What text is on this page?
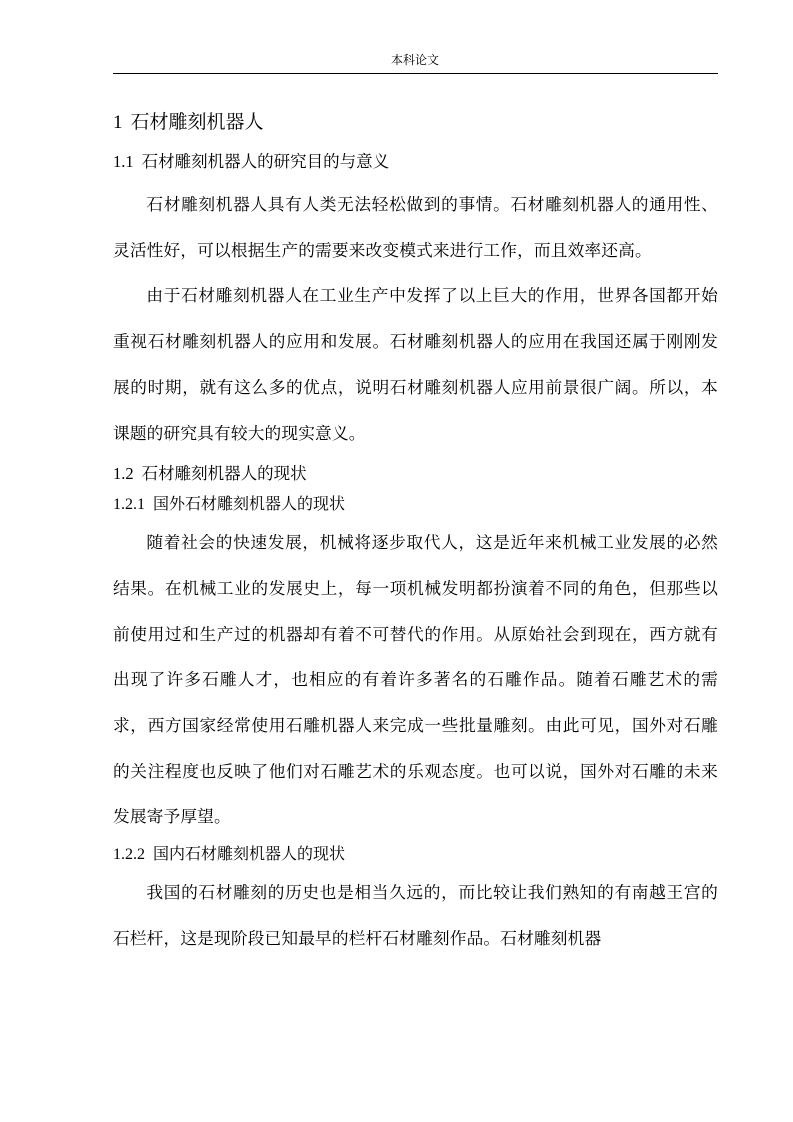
本科论文
1 石材雕刻机器人
1.1 石材雕刻机器人的研究目的与意义

石材雕刻机器人具有人类无法轻松做到的事情。石材雕刻机器人的通用性、灵活性好，可以根据生产的需要来改变模式来进行工作，而且效率还高。

由于石材雕刻机器人在工业生产中发挥了以上巨大的作用，世界各国都开始重视石材雕刻机器人的应用和发展。石材雕刻机器人的应用在我国还属于刚刚发展的时期，就有这么多的优点，说明石材雕刻机器人应用前景很广阔。所以，本课题的研究具有较大的现实意义。

1.2 石材雕刻机器人的现状
1.2.1 国外石材雕刻机器人的现状

随着社会的快速发展，机械将逐步取代人，这是近年来机械工业发展的必然结果。在机械工业的发展史上，每一项机械发明都扮演着不同的角色，但那些以前使用过和生产过的机器却有着不可替代的作用。从原始社会到现在，西方就有出现了许多石雕人才，也相应的有着许多著名的石雕作品。随着石雕艺术的需求，西方国家经常使用石雕机器人来完成一些批量雕刻。由此可见，国外对石雕的关注程度也反映了他们对石雕艺术的乐观态度。也可以说，国外对石雕的未来发展寄予厚望。

1.2.2 国内石材雕刻机器人的现状

我国的石材雕刻的历史也是相当久远的，而比较让我们熟知的有南越王宫的石栏杆，这是现阶段已知最早的栏杆石材雕刻作品。石材雕刻机器
